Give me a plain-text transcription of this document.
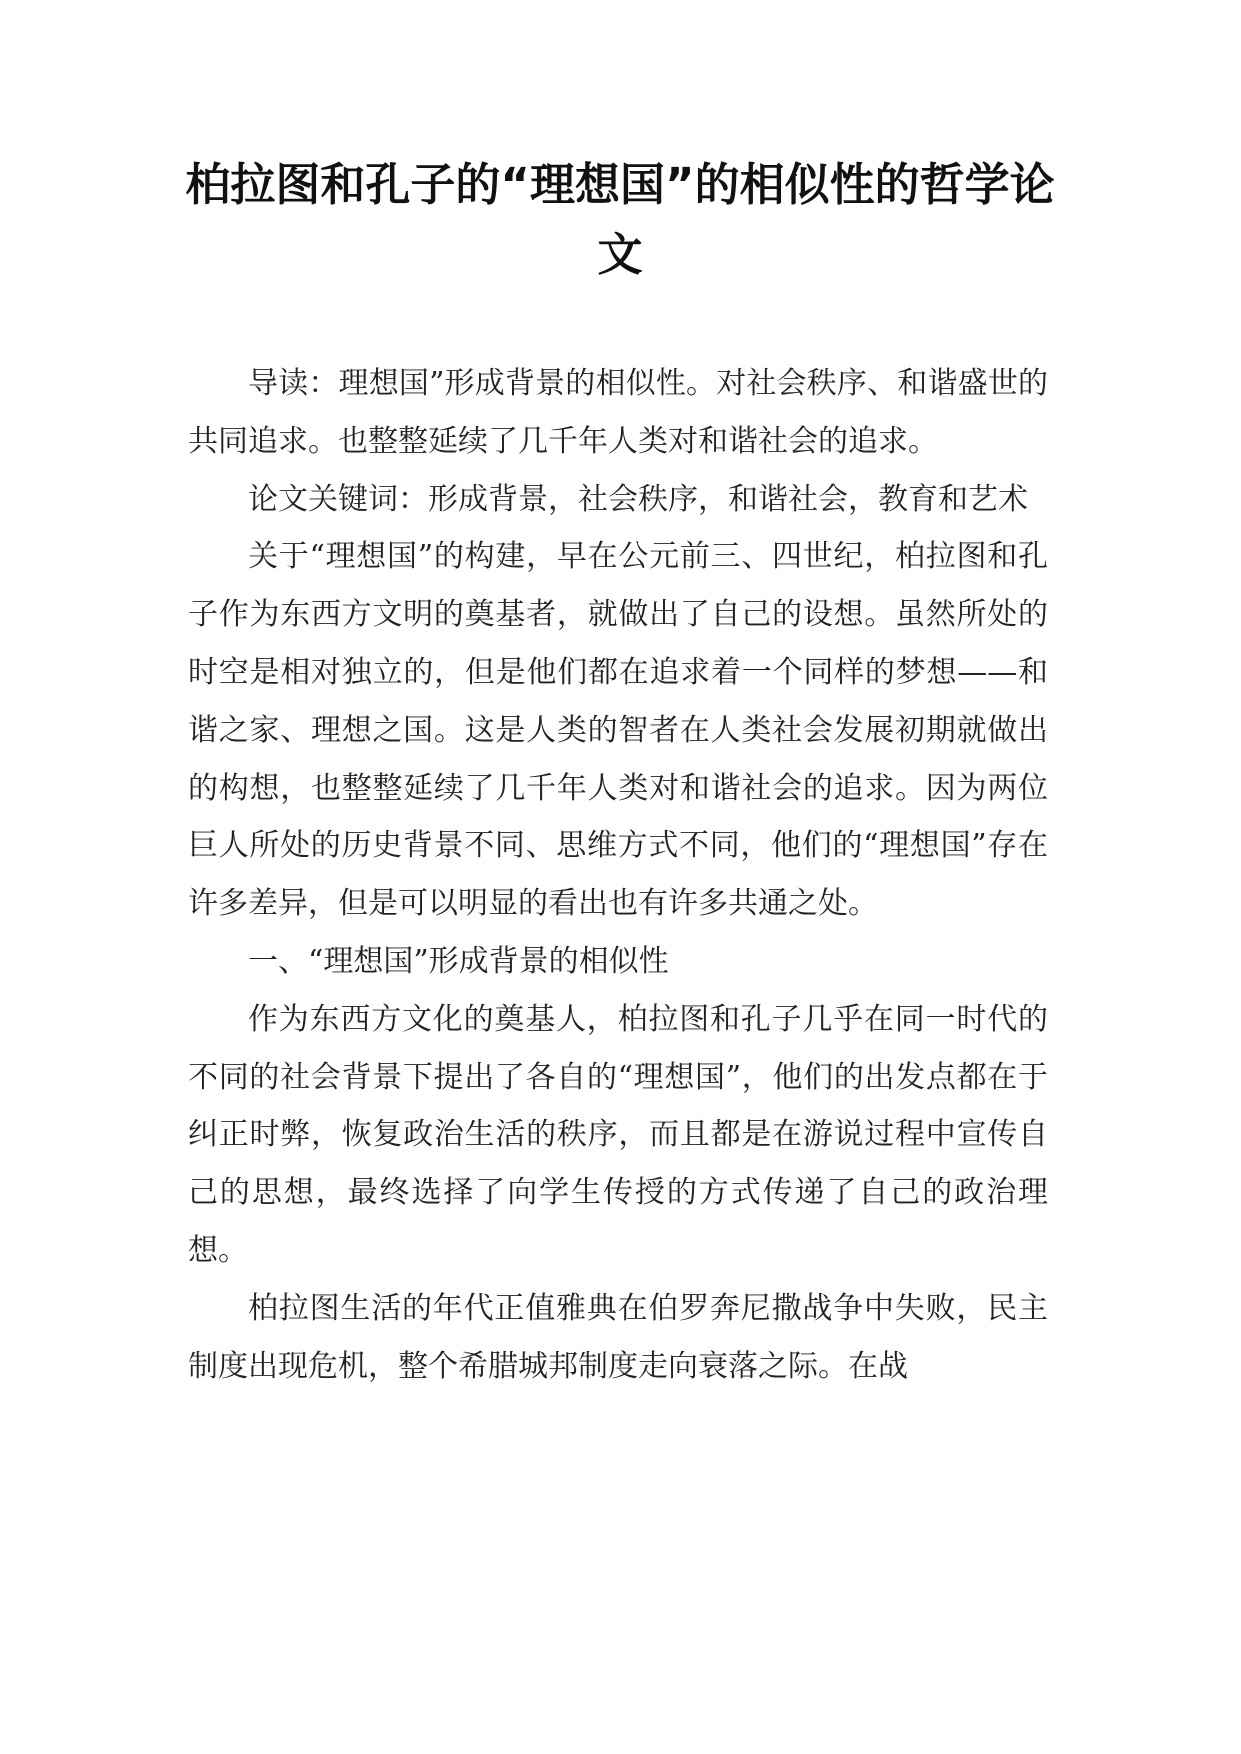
柏拉图和孔子的“理想国”的相似性的哲学论文

导读：理想国”形成背景的相似性。对社会秩序、和谐盛世的共同追求。也整整延续了几千年人类对和谐社会的追求。

论文关键词：形成背景，社会秩序，和谐社会，教育和艺术

关于“理想国”的构建，早在公元前三、四世纪，柏拉图和孔子作为东西方文明的奠基者，就做出了自己的设想。虽然所处的时空是相对独立的，但是他们都在追求着一个同样的梦想——和谐之家、理想之国。这是人类的智者在人类社会发展初期就做出的构想，也整整延续了几千年人类对和谐社会的追求。因为两位巨人所处的历史背景不同、思维方式不同，他们的“理想国”存在许多差异，但是可以明显的看出也有许多共通之处。

一、“理想国”形成背景的相似性

作为东西方文化的奠基人，柏拉图和孔子几乎在同一时代的不同的社会背景下提出了各自的“理想国”，他们的出发点都在于纠正时弊，恢复政治生活的秩序，而且都是在游说过程中宣传自己的思想，最终选择了向学生传授的方式传递了自己的政治理想。

柏拉图生活的年代正值雅典在伯罗奔尼撒战争中失败，民主制度出现危机，整个希腊城邦制度走向衰落之际。在战
